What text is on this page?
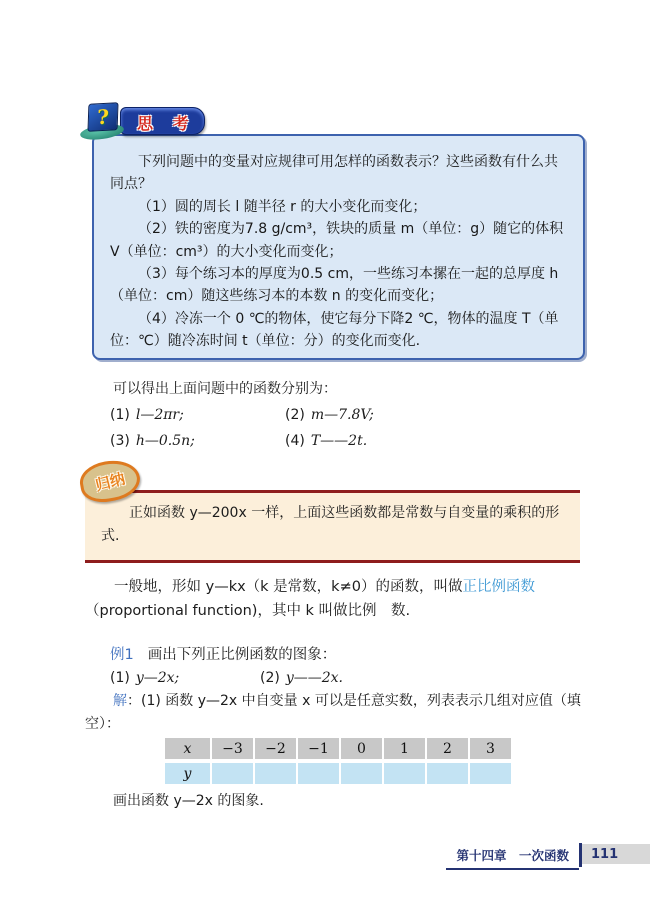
?	思 考

下列问题中的变量对应规律可用怎样的函数表示？这些函数有什么共同点？

（1）圆的周长 l 随半径 r 的大小变化而变化；

（2）铁的密度为7.8 g/cm³，铁块的质量 m（单位：g）随它的体积 V（单位：cm³）的大小变化而变化；

（3）每个练习本的厚度为0.5 cm，一些练习本摞在一起的总厚度 h（单位：cm）随这些练习本的本数 n 的变化而变化；

（4）冷冻一个 0 ℃的物体，使它每分下降2 ℃，物体的温度 T（单位：℃）随冷冻时间 t（单位：分）的变化而变化.

可以得出上面问题中的函数分别为：

(1) l—2πr;	(2) m—7.8V;
(3) h—0.5n;	(4) T——2t.
归纳

正如函数 y—200x 一样，上面这些函数都是常数与自变量的乘积的形式.

一般地，形如 y—kx（k 是常数，k≠0）的函数，叫做正比例函数（proportional function)，其中 k 叫做比例　数.

例1 画出下列正比例函数的图象：
(1) y—2x;	(2) y——2x.

解：(1) 函数 y—2x 中自变量 x 可以是任意实数，列表表示几组对应值（填空）：

x	−3	−2	−1	0	1	2	3
y

画出函数 y—2x 的图象.

第十四章　一次函数	111
